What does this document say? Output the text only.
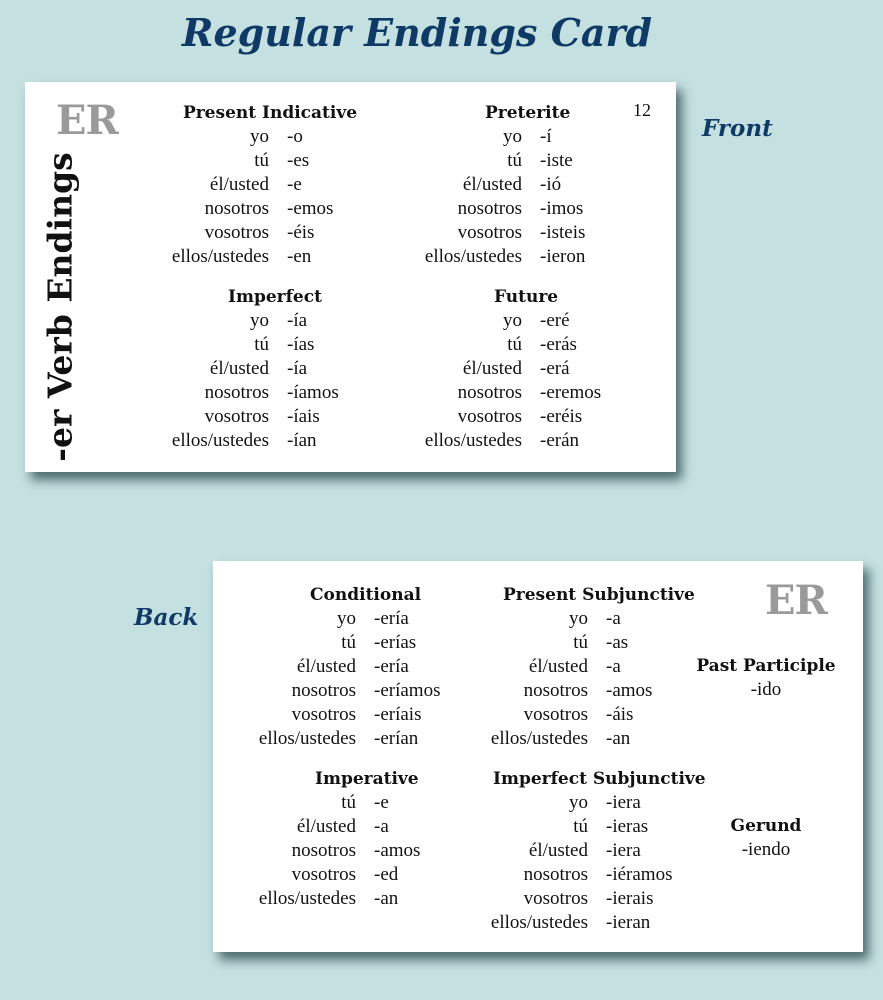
Regular Endings Card
Front
Back
ER
-er Verb Endings
12
Present Indicative
yo -o
tú -es
él/usted -e
nosotros -emos
vosotros -éis
ellos/ustedes -en
Preterite
yo -í
tú -iste
él/usted -ió
nosotros -imos
vosotros -isteis
ellos/ustedes -ieron
Imperfect
yo -ía
tú -ías
él/usted -ía
nosotros -íamos
vosotros -íais
ellos/ustedes -ían
Future
yo -eré
tú -erás
él/usted -erá
nosotros -eremos
vosotros -eréis
ellos/ustedes -erán
ER
Conditional
yo -ería
tú -erías
él/usted -ería
nosotros -eríamos
vosotros -eríais
ellos/ustedes -erían
Present Subjunctive
yo -a
tú -as
él/usted -a
nosotros -amos
vosotros -áis
ellos/ustedes -an
Imperative
tú -e
él/usted -a
nosotros -amos
vosotros -ed
ellos/ustedes -an
Imperfect Subjunctive
yo -iera
tú -ieras
él/usted -iera
nosotros -iéramos
vosotros -ierais
ellos/ustedes -ieran
Past Participle
-ido
Gerund
-iendo
